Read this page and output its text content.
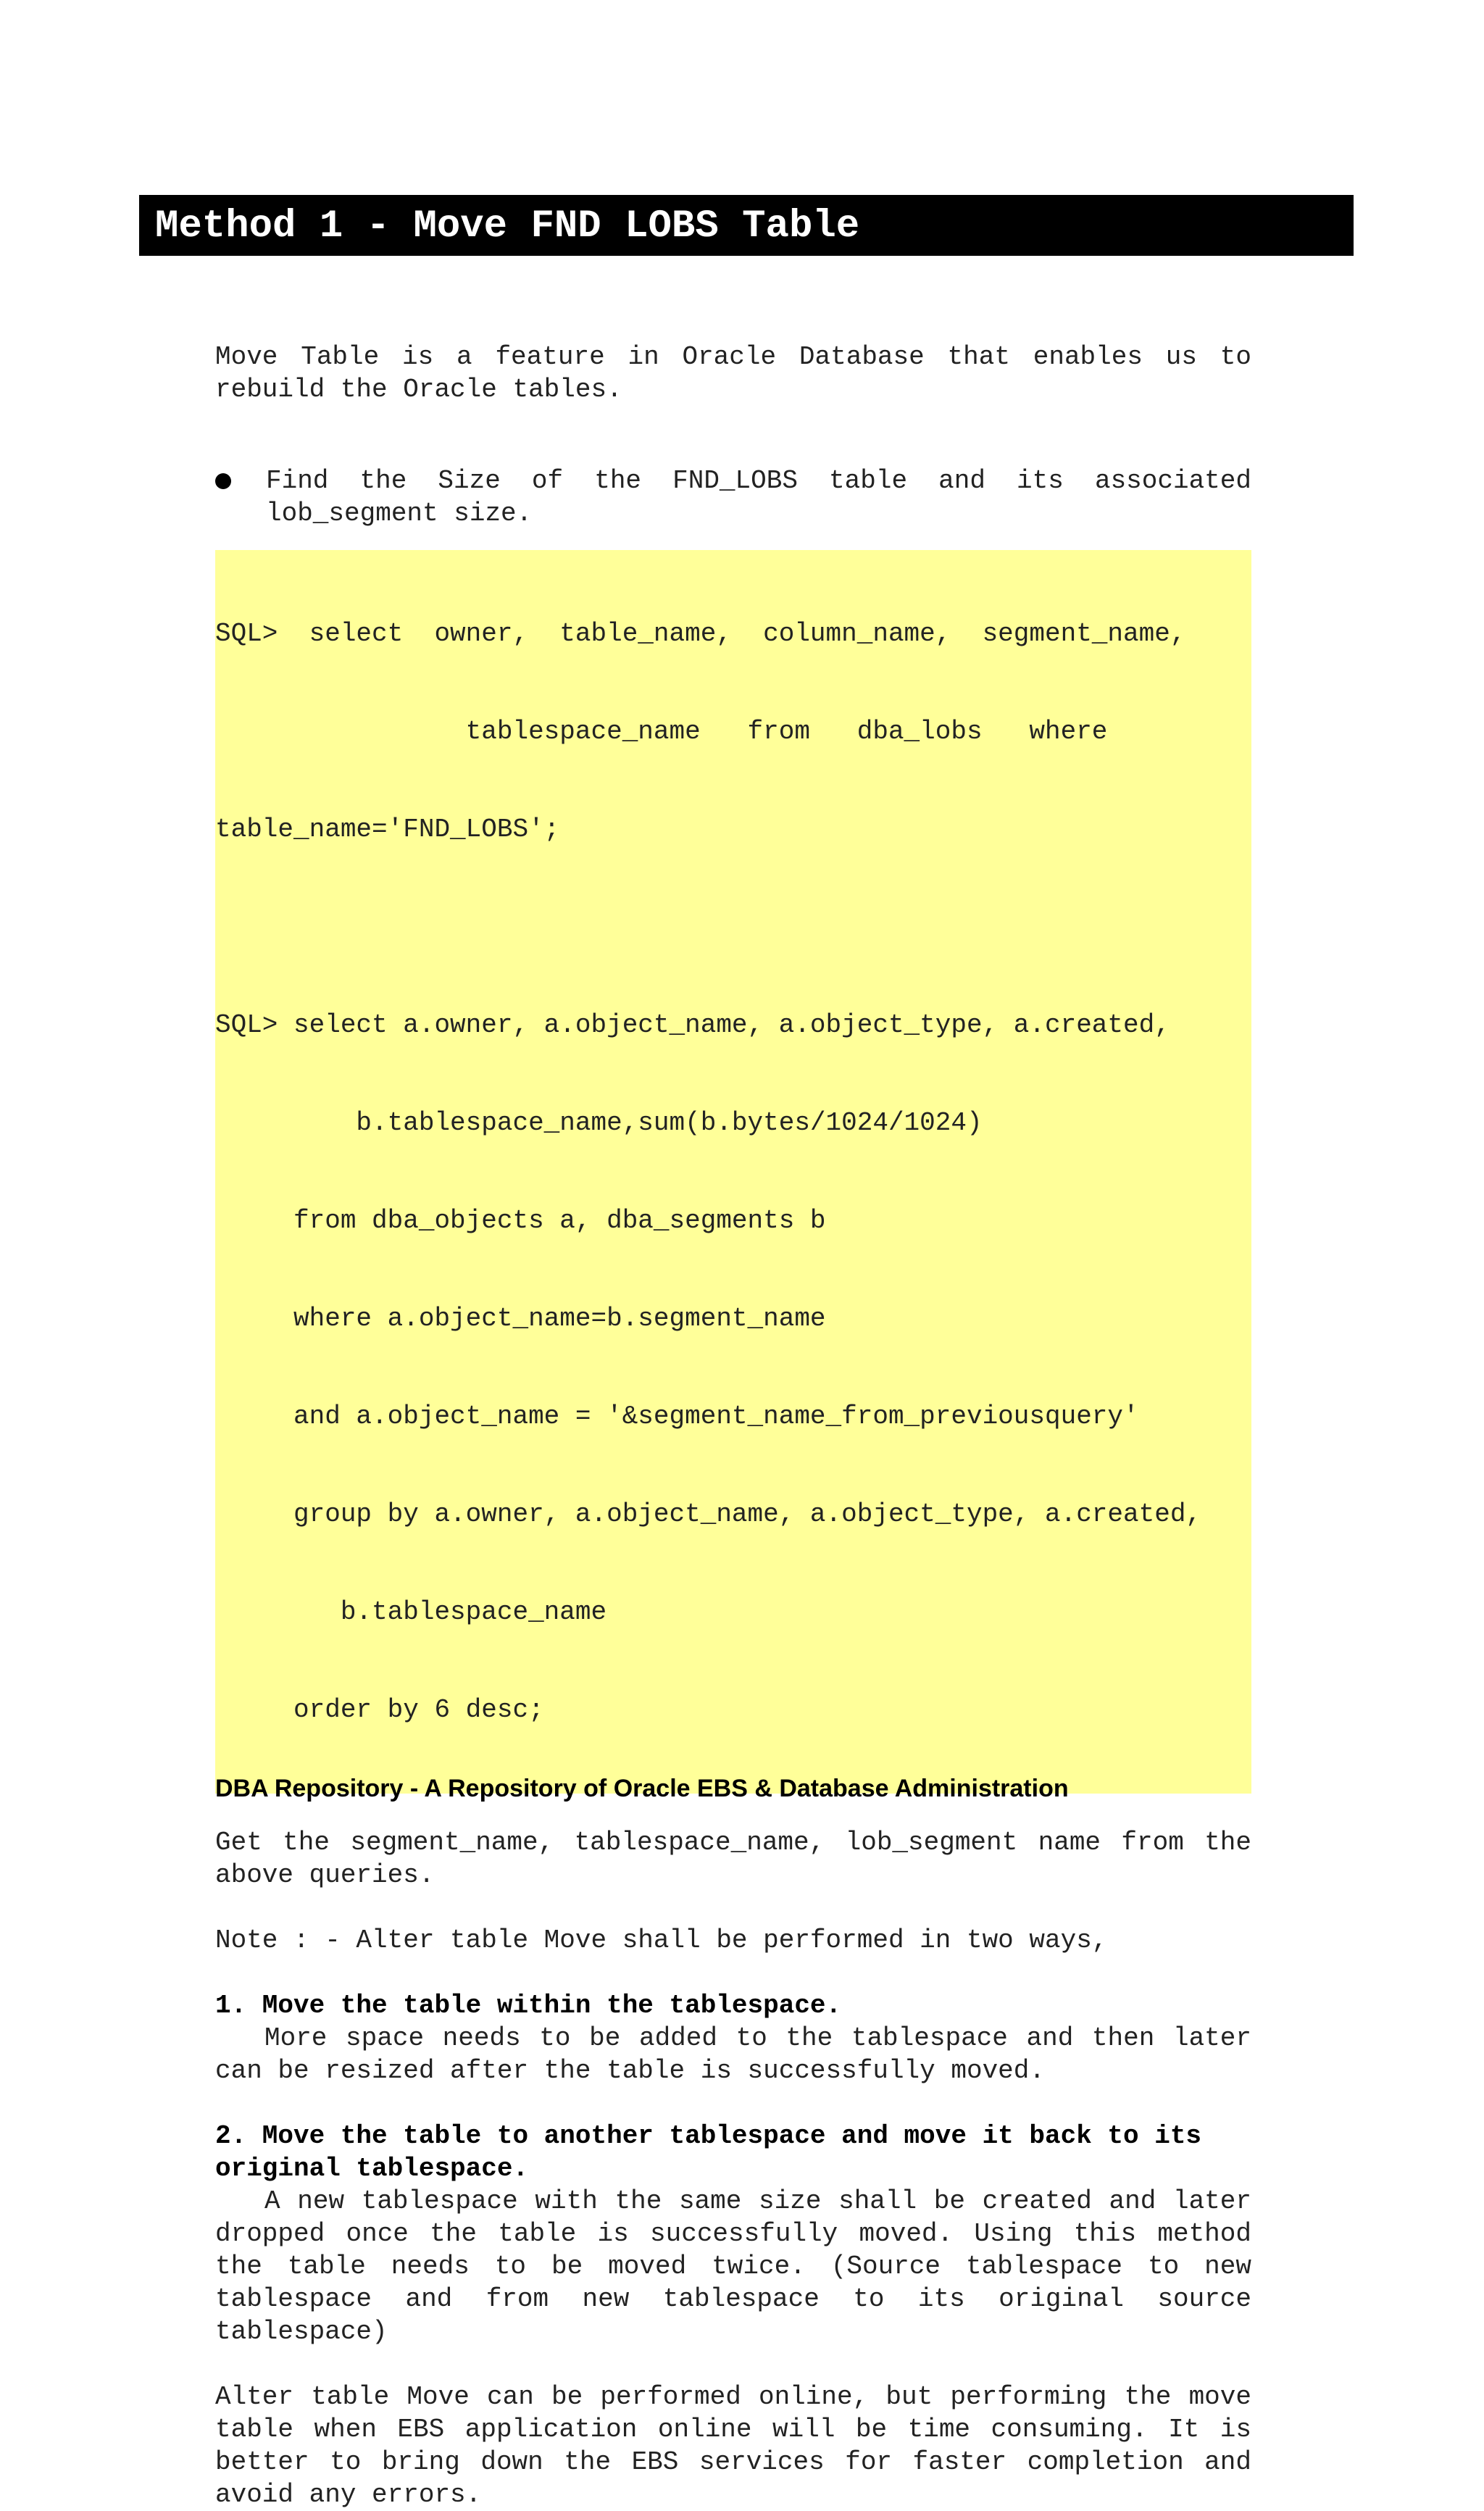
Method 1 - Move FND LOBS Table

Move Table is a feature in Oracle Database that enables us to rebuild the Oracle tables.

Find the Size of the FND_LOBS table and its associated lob_segment size.

SQL>  select  owner,  table_name,  column_name,  segment_name,

tablespace_name   from   dba_lobs   where

table_name='FND_LOBS';

SQL> select a.owner, a.object_name, a.object_type, a.created,

b.tablespace_name,sum(b.bytes/1024/1024)

from dba_objects a, dba_segments b

where a.object_name=b.segment_name

and a.object_name = '&segment_name_from_previousquery'

group by a.owner, a.object_name, a.object_type, a.created,

b.tablespace_name

order by 6 desc;

Get the segment_name, tablespace_name, lob_segment name from the above queries.

Note : - Alter table Move shall be performed in two ways,

1. Move the table within the tablespace.

More space needs to be added to the tablespace and then later can be resized after the table is successfully moved.

2. Move the table to another tablespace and move it back to its original tablespace.

A new tablespace with the same size shall be created and later dropped once the table is successfully moved. Using this method the table needs to be moved twice. (Source tablespace to new tablespace and from new tablespace to its original source tablespace)

Alter table Move can be performed online, but performing the move table when EBS application online will be time consuming. It is better to bring down the EBS services for faster completion and avoid any errors.

DBA Repository - A Repository of Oracle EBS & Database Administration
